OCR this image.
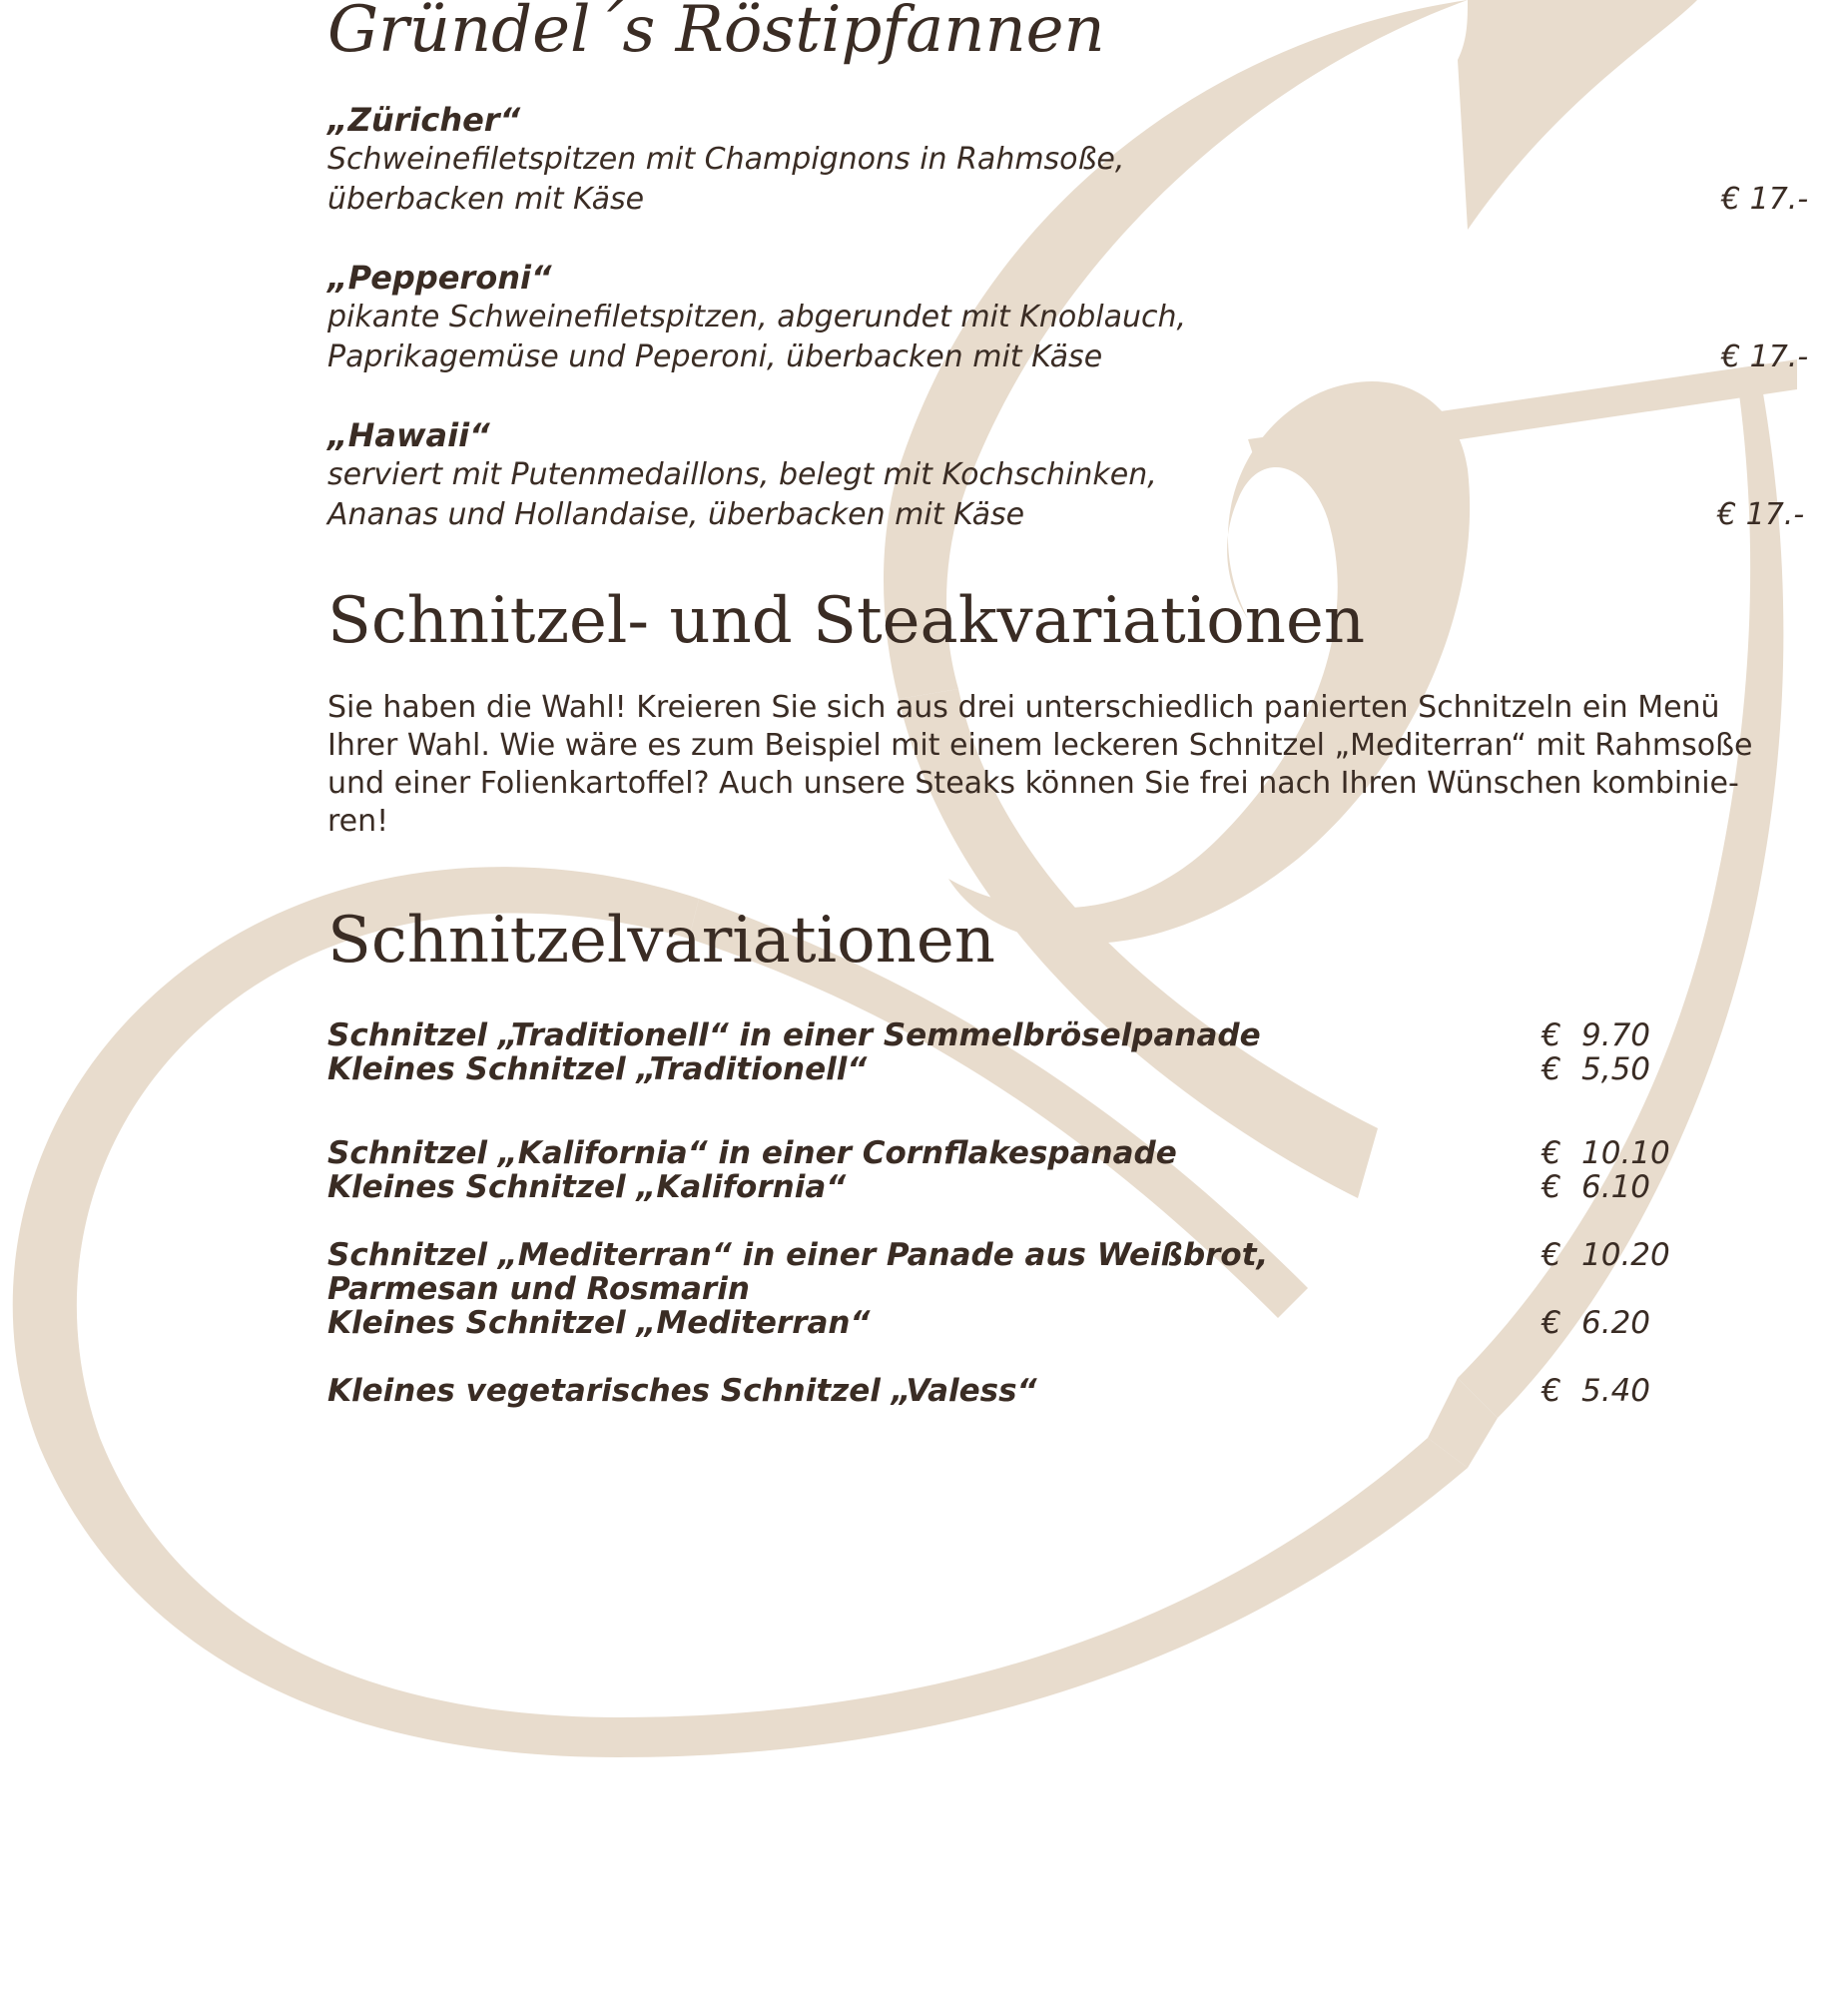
Gründel´s Röstipfannen
„Züricher“
Schweinefiletspitzen mit Champignons in Rahmsoße,
überbacken mit Käse	€ 17.-
„Pepperoni“
pikante Schweinefiletspitzen, abgerundet mit Knoblauch,
Paprikagemüse und Peperoni, überbacken mit Käse	€ 17.-
„Hawaii“
serviert mit Putenmedaillons, belegt mit Kochschinken,
Ananas und Hollandaise, überbacken mit Käse	€ 17.-
Schnitzel- und Steakvariationen
Sie haben die Wahl! Kreieren Sie sich aus drei unterschiedlich panierten Schnitzeln ein Menü
Ihrer Wahl. Wie wäre es zum Beispiel mit einem leckeren Schnitzel „Mediterran“ mit Rahmsoße
und einer Folienkartoffel? Auch unsere Steaks können Sie frei nach Ihren Wünschen kombinie-
ren!
Schnitzelvariationen
Schnitzel „Traditionell“ in einer Semmelbröselpanade	€ 9.70
Kleines Schnitzel „Traditionell“	€ 5,50
Schnitzel „Kalifornia“ in einer Cornflakespanade	€ 10.10
Kleines Schnitzel „Kalifornia“	€ 6.10
Schnitzel „Mediterran“ in einer Panade aus Weißbrot,	€ 10.20
Parmesan und Rosmarin
Kleines Schnitzel „Mediterran“	€ 6.20
Kleines vegetarisches Schnitzel „Valess“	€ 5.40
